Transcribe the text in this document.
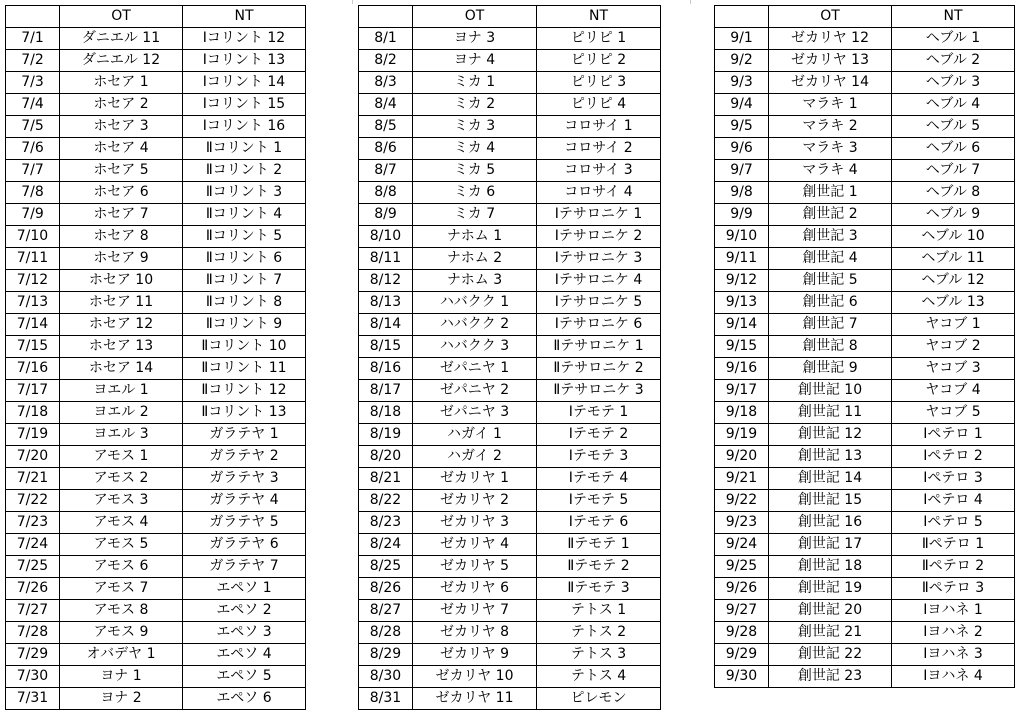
	OT	NT
7/1	ダニエル 11	Ⅰコリント 12
7/2	ダニエル 12	Ⅰコリント 13
7/3	ホセア 1	Ⅰコリント 14
7/4	ホセア 2	Ⅰコリント 15
7/5	ホセア 3	Ⅰコリント 16
7/6	ホセア 4	Ⅱコリント 1
7/7	ホセア 5	Ⅱコリント 2
7/8	ホセア 6	Ⅱコリント 3
7/9	ホセア 7	Ⅱコリント 4
7/10	ホセア 8	Ⅱコリント 5
7/11	ホセア 9	Ⅱコリント 6
7/12	ホセア 10	Ⅱコリント 7
7/13	ホセア 11	Ⅱコリント 8
7/14	ホセア 12	Ⅱコリント 9
7/15	ホセア 13	Ⅱコリント 10
7/16	ホセア 14	Ⅱコリント 11
7/17	ヨエル 1	Ⅱコリント 12
7/18	ヨエル 2	Ⅱコリント 13
7/19	ヨエル 3	ガラテヤ 1
7/20	アモス 1	ガラテヤ 2
7/21	アモス 2	ガラテヤ 3
7/22	アモス 3	ガラテヤ 4
7/23	アモス 4	ガラテヤ 5
7/24	アモス 5	ガラテヤ 6
7/25	アモス 6	ガラテヤ 7
7/26	アモス 7	エペソ 1
7/27	アモス 8	エペソ 2
7/28	アモス 9	エペソ 3
7/29	オバデヤ 1	エペソ 4
7/30	ヨナ 1	エペソ 5
7/31	ヨナ 2	エペソ 6
	OT	NT
8/1	ヨナ 3	ピリピ 1
8/2	ヨナ 4	ピリピ 2
8/3	ミカ 1	ピリピ 3
8/4	ミカ 2	ピリピ 4
8/5	ミカ 3	コロサイ 1
8/6	ミカ 4	コロサイ 2
8/7	ミカ 5	コロサイ 3
8/8	ミカ 6	コロサイ 4
8/9	ミカ 7	Ⅰテサロニケ 1
8/10	ナホム 1	Ⅰテサロニケ 2
8/11	ナホム 2	Ⅰテサロニケ 3
8/12	ナホム 3	Ⅰテサロニケ 4
8/13	ハバクク 1	Ⅰテサロニケ 5
8/14	ハバクク 2	Ⅰテサロニケ 6
8/15	ハバクク 3	Ⅱテサロニケ 1
8/16	ゼパニヤ 1	Ⅱテサロニケ 2
8/17	ゼパニヤ 2	Ⅱテサロニケ 3
8/18	ゼパニヤ 3	Ⅰテモテ 1
8/19	ハガイ 1	Ⅰテモテ 2
8/20	ハガイ 2	Ⅰテモテ 3
8/21	ゼカリヤ 1	Ⅰテモテ 4
8/22	ゼカリヤ 2	Ⅰテモテ 5
8/23	ゼカリヤ 3	Ⅰテモテ 6
8/24	ゼカリヤ 4	Ⅱテモテ 1
8/25	ゼカリヤ 5	Ⅱテモテ 2
8/26	ゼカリヤ 6	Ⅱテモテ 3
8/27	ゼカリヤ 7	テトス 1
8/28	ゼカリヤ 8	テトス 2
8/29	ゼカリヤ 9	テトス 3
8/30	ゼカリヤ 10	テトス 4
8/31	ゼカリヤ 11	ピレモン
	OT	NT
9/1	ゼカリヤ 12	ヘブル 1
9/2	ゼカリヤ 13	ヘブル 2
9/3	ゼカリヤ 14	ヘブル 3
9/4	マラキ 1	ヘブル 4
9/5	マラキ 2	ヘブル 5
9/6	マラキ 3	ヘブル 6
9/7	マラキ 4	ヘブル 7
9/8	創世記 1	ヘブル 8
9/9	創世記 2	ヘブル 9
9/10	創世記 3	ヘブル 10
9/11	創世記 4	ヘブル 11
9/12	創世記 5	ヘブル 12
9/13	創世記 6	ヘブル 13
9/14	創世記 7	ヤコブ 1
9/15	創世記 8	ヤコブ 2
9/16	創世記 9	ヤコブ 3
9/17	創世記 10	ヤコブ 4
9/18	創世記 11	ヤコブ 5
9/19	創世記 12	Ⅰペテロ 1
9/20	創世記 13	Ⅰペテロ 2
9/21	創世記 14	Ⅰペテロ 3
9/22	創世記 15	Ⅰペテロ 4
9/23	創世記 16	Ⅰペテロ 5
9/24	創世記 17	Ⅱペテロ 1
9/25	創世記 18	Ⅱペテロ 2
9/26	創世記 19	Ⅱペテロ 3
9/27	創世記 20	Ⅰヨハネ 1
9/28	創世記 21	Ⅰヨハネ 2
9/29	創世記 22	Ⅰヨハネ 3
9/30	創世記 23	Ⅰヨハネ 4
